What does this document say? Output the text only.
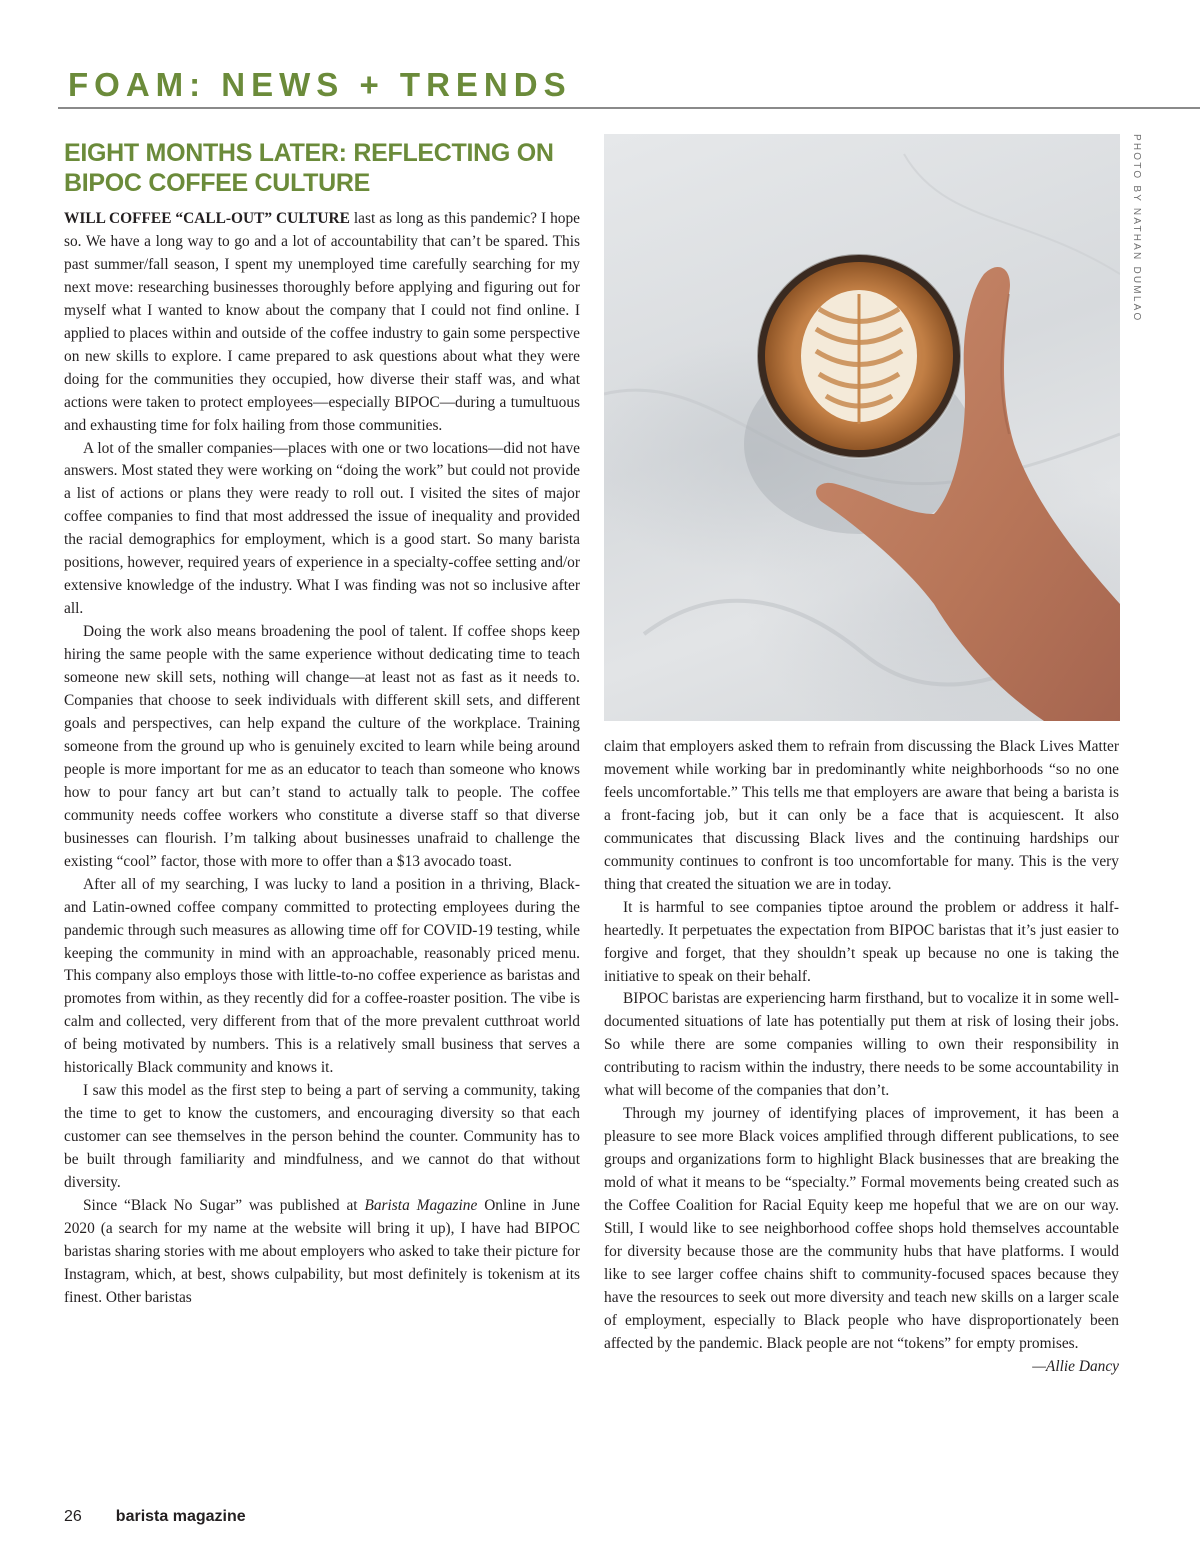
FOAM: NEWS + TRENDS
EIGHT MONTHS LATER: REFLECTING ON BIPOC COFFEE CULTURE

WILL COFFEE “CALL-OUT” CULTURE last as long as this pandemic? I hope so. We have a long way to go and a lot of accountability that can’t be spared. This past summer/fall season, I spent my unemployed time carefully searching for my next move: researching businesses thoroughly before applying and figuring out for myself what I wanted to know about the company that I could not find online. I applied to places within and outside of the coffee industry to gain some perspective on new skills to explore. I came prepared to ask questions about what they were doing for the communities they occupied, how diverse their staff was, and what actions were taken to protect employees—especially BIPOC—during a tumultuous and exhausting time for folx hailing from those communities.

A lot of the smaller companies—places with one or two locations—did not have answers. Most stated they were working on “doing the work” but could not provide a list of actions or plans they were ready to roll out. I visited the sites of major coffee companies to find that most addressed the issue of inequality and provided the racial demographics for employment, which is a good start. So many barista positions, however, required years of experience in a specialty-coffee setting and/or extensive knowledge of the industry. What I was finding was not so inclusive after all.

Doing the work also means broadening the pool of talent. If coffee shops keep hiring the same people with the same experience without dedicating time to teach someone new skill sets, nothing will change—at least not as fast as it needs to. Companies that choose to seek individuals with different skill sets, and different goals and perspectives, can help expand the culture of the workplace. Training someone from the ground up who is genuinely excited to learn while being around people is more important for me as an educator to teach than someone who knows how to pour fancy art but can’t stand to actually talk to people. The coffee community needs coffee workers who constitute a diverse staff so that diverse businesses can flourish. I’m talking about businesses unafraid to challenge the existing “cool” factor, those with more to offer than a $13 avocado toast.

After all of my searching, I was lucky to land a position in a thriving, Black- and Latin-owned coffee company committed to protecting employees during the pandemic through such measures as allowing time off for COVID-19 testing, while keeping the community in mind with an approachable, reasonably priced menu. This company also employs those with little-to-no coffee experience as baristas and promotes from within, as they recently did for a coffee-roaster position. The vibe is calm and collected, very different from that of the more prevalent cutthroat world of being motivated by numbers. This is a relatively small business that serves a historically Black community and knows it.

I saw this model as the first step to being a part of serving a community, taking the time to get to know the customers, and encouraging diversity so that each customer can see themselves in the person behind the counter. Community has to be built through familiarity and mindfulness, and we cannot do that without diversity.

Since “Black No Sugar” was published at Barista Magazine Online in June 2020 (a search for my name at the website will bring it up), I have had BIPOC baristas sharing stories with me about employers who asked to take their picture for Instagram, which, at best, shows culpability, but most definitely is tokenism at its finest. Other baristas

PHOTO BY NATHAN DUMLAO

claim that employers asked them to refrain from discussing the Black Lives Matter movement while working bar in predominantly white neighborhoods “so no one feels uncomfortable.” This tells me that employers are aware that being a barista is a front-facing job, but it can only be a face that is acquiescent. It also communicates that discussing Black lives and the continuing hardships our community continues to confront is too uncomfortable for many. This is the very thing that created the situation we are in today.

It is harmful to see companies tiptoe around the problem or address it half-heartedly. It perpetuates the expectation from BIPOC baristas that it’s just easier to forgive and forget, that they shouldn’t speak up because no one is taking the initiative to speak on their behalf.

BIPOC baristas are experiencing harm firsthand, but to vocalize it in some well-documented situations of late has potentially put them at risk of losing their jobs. So while there are some companies willing to own their responsibility in contributing to racism within the industry, there needs to be some accountability in what will become of the companies that don’t.

Through my journey of identifying places of improvement, it has been a pleasure to see more Black voices amplified through different publications, to see groups and organizations form to highlight Black businesses that are breaking the mold of what it means to be “specialty.” Formal movements being created such as the Coffee Coalition for Racial Equity keep me hopeful that we are on our way. Still, I would like to see neighborhood coffee shops hold themselves accountable for diversity because those are the community hubs that have platforms. I would like to see larger coffee chains shift to community-focused spaces because they have the resources to seek out more diversity and teach new skills on a larger scale of employment, especially to Black people who have disproportionately been affected by the pandemic. Black people are not “tokens” for empty promises.

—Allie Dancy

26 barista magazine
